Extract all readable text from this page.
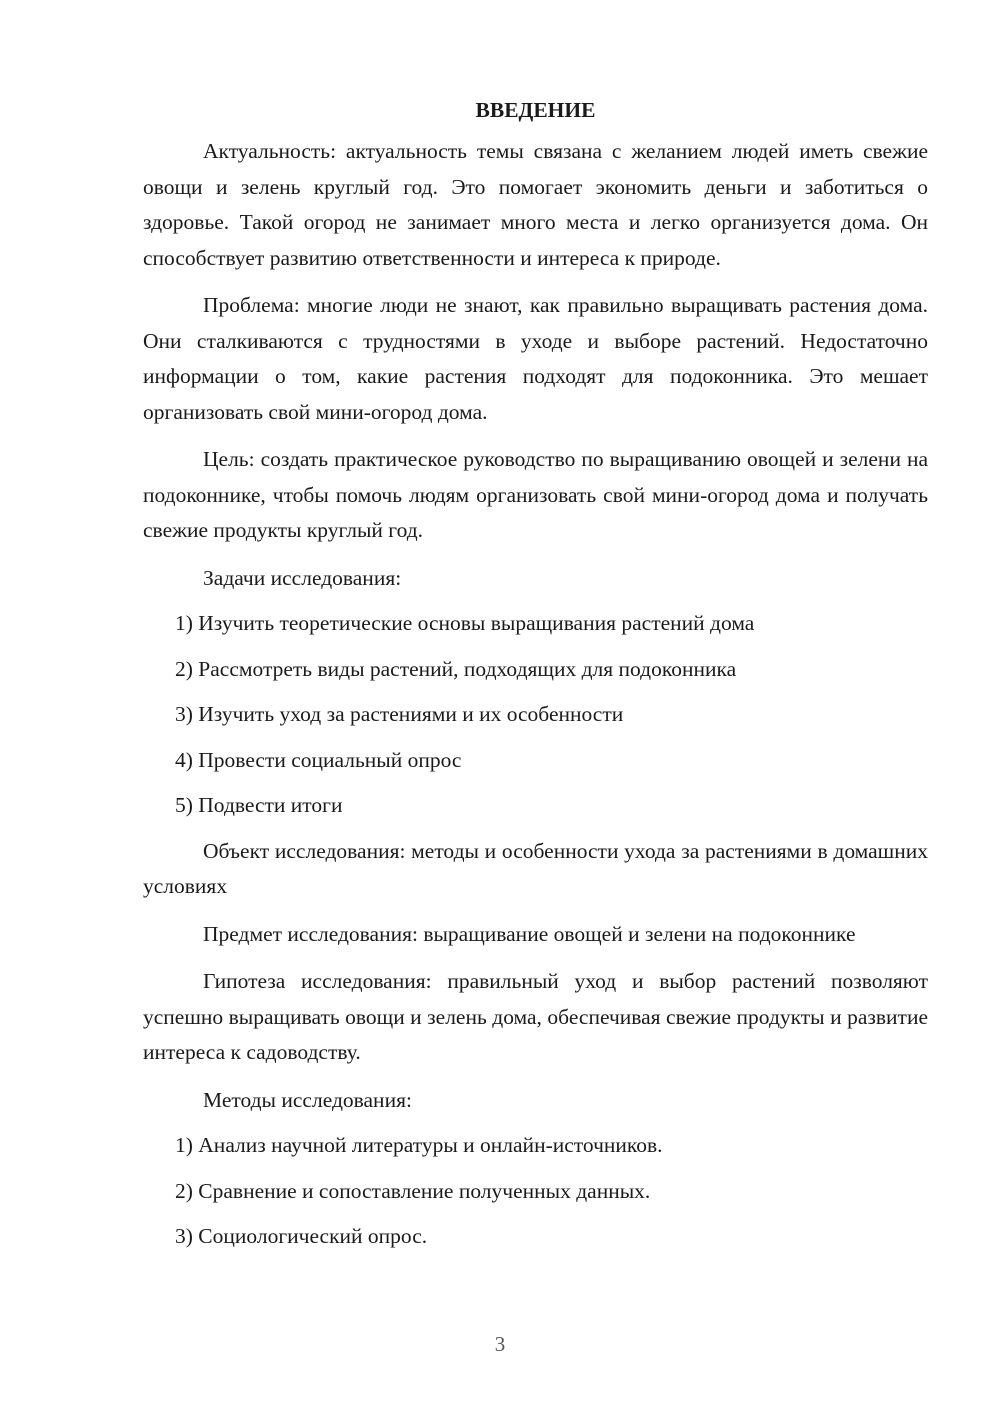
ВВЕДЕНИЕ

Актуальность: актуальность темы связана с желанием людей иметь свежие овощи и зелень круглый год. Это помогает экономить деньги и заботиться о здоровье. Такой огород не занимает много места и легко организуется дома. Он способствует развитию ответственности и интереса к природе.

Проблема: многие люди не знают, как правильно выращивать растения дома. Они сталкиваются с трудностями в уходе и выборе растений. Недостаточно информации о том, какие растения подходят для подоконника. Это мешает организовать свой мини-огород дома.

Цель: создать практическое руководство по выращиванию овощей и зелени на подоконнике, чтобы помочь людям организовать свой мини-огород дома и получать свежие продукты круглый год.

Задачи исследования:

1) Изучить теоретические основы выращивания растений дома
2) Рассмотреть виды растений, подходящих для подоконника
3) Изучить уход за растениями и их особенности
4) Провести социальный опрос
5) Подвести итоги

Объект исследования: методы и особенности ухода за растениями в домашних условиях

Предмет исследования: выращивание овощей и зелени на подоконнике

Гипотеза исследования: правильный уход и выбор растений позволяют успешно выращивать овощи и зелень дома, обеспечивая свежие продукты и развитие интереса к садоводству.

Методы исследования:

1) Анализ научной литературы и онлайн-источников.
2) Сравнение и сопоставление полученных данных.
3) Социологический опрос.
3
